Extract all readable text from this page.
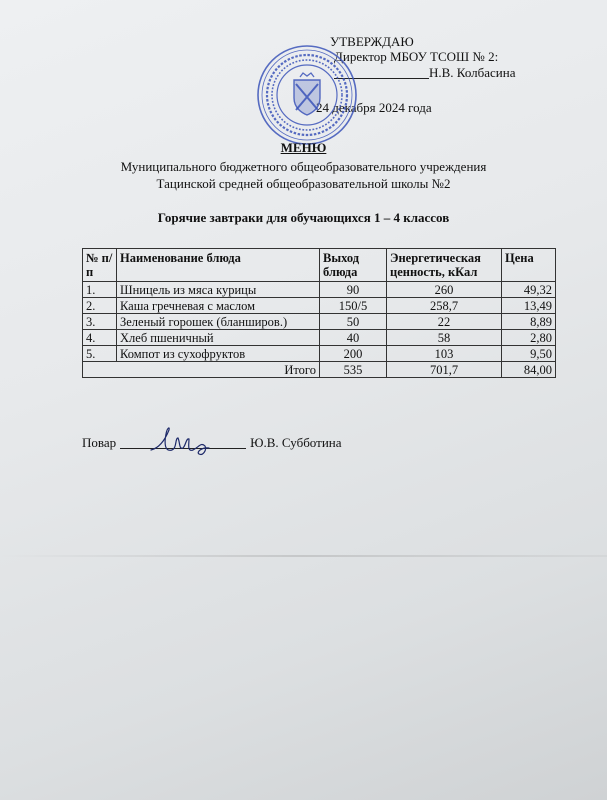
УТВЕРЖДАЮ
Директор МБОУ ТСОШ № 2:
Н.В. Колбасина
24 декабря 2024 года
МЕНЮ
Муниципального бюджетного общеобразовательного учреждения
Тацинской средней общеобразовательной школы №2
Горячие завтраки для обучающихся 1 – 4 классов
№ п/п	Наименование блюда	Выход блюда	Энергетическая ценность, кКал	Цена
1.	Шницель из мяса курицы	90	260	49,32
2.	Каша гречневая с маслом	150/5	258,7	13,49
3.	Зеленый горошек (бланширов.)	50	22	8,89
4.	Хлеб пшеничный	40	58	2,80
5.	Компот из сухофруктов	200	103	9,50
Итого		535	701,7	84,00
Повар	Ю.В. Субботина
